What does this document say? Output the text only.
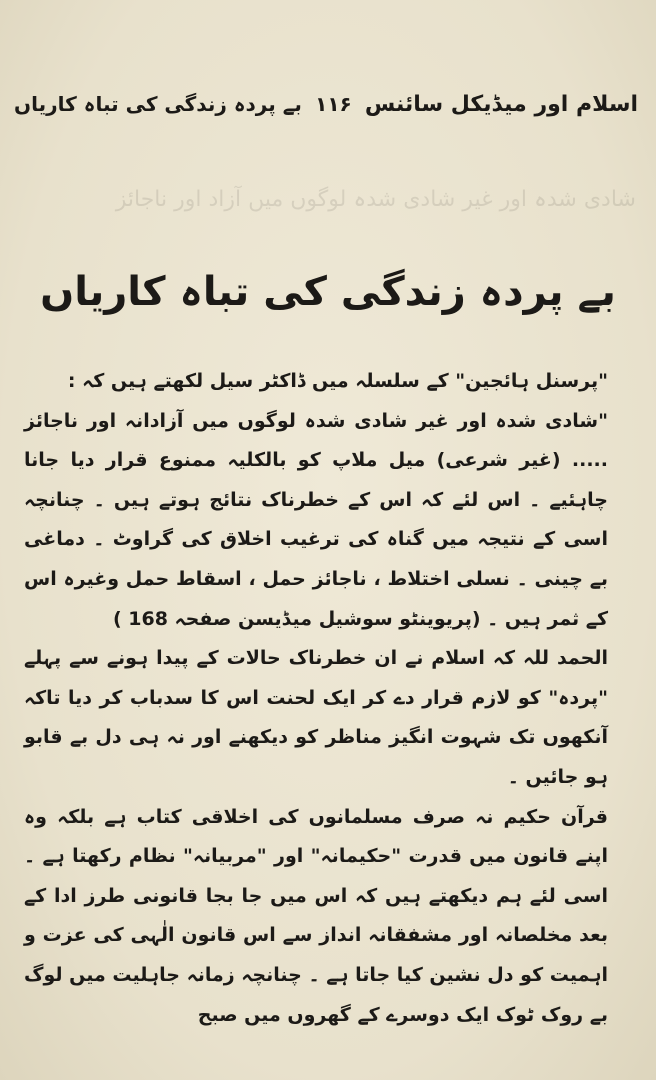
اسلام اور میڈیکل سائنس
۱۱۶
بے پردہ زندگی کی تباہ کاریاں
شادی شدہ اور غیر شادی شدہ لوگوں میں آزاد اور ناجائز
بے پردہ زندگی کی تباہ کاریاں

"پرسنل ہائجین" کے سلسلہ میں ڈاکٹر سیل لکھتے ہیں کہ :

"شادی شدہ اور غیر شادی شدہ لوگوں میں آزادانہ اور ناجائز ..... (غیر شرعی) میل ملاپ کو بالکلیہ ممنوع قرار دیا جانا چاہئیے ۔ اس لئے کہ اس کے خطرناک نتائج ہوتے ہیں ۔ چنانچہ اسی کے نتیجہ میں گناہ کی ترغیب اخلاق کی گراوٹ ۔ دماغی بے چینی ۔ نسلی اختلاط ، ناجائز حمل ، اسقاط حمل وغیرہ اس کے ثمر ہیں ۔ (پریوینٹو سوشیل میڈیسن صفحہ 168 )

الحمد للہ کہ اسلام نے ان خطرناک حالات کے پیدا ہونے سے پہلے "پردہ" کو لازم قرار دے کر ایک لحنت اس کا سدباب کر دیا تاکہ آنکھوں تک شہوت انگیز مناظر کو دیکھنے اور نہ ہی دل بے قابو ہو جائیں ۔

قرآن حکیم نہ صرف مسلمانوں کی اخلاقی کتاب ہے بلکہ وہ اپنے قانون میں قدرت "حکیمانہ" اور "مربیانہ" نظام رکھتا ہے ۔ اسی لئے ہم دیکھتے ہیں کہ اس میں جا بجا قانونی طرز ادا کے بعد مخلصانہ اور مشفقانہ انداز سے اس قانون الٰہی کی عزت و اہمیت کو دل نشین کیا جاتا ہے ۔ چنانچہ زمانہ جاہلیت میں لوگ بے روک ٹوک ایک دوسرے کے گھروں میں صبح
